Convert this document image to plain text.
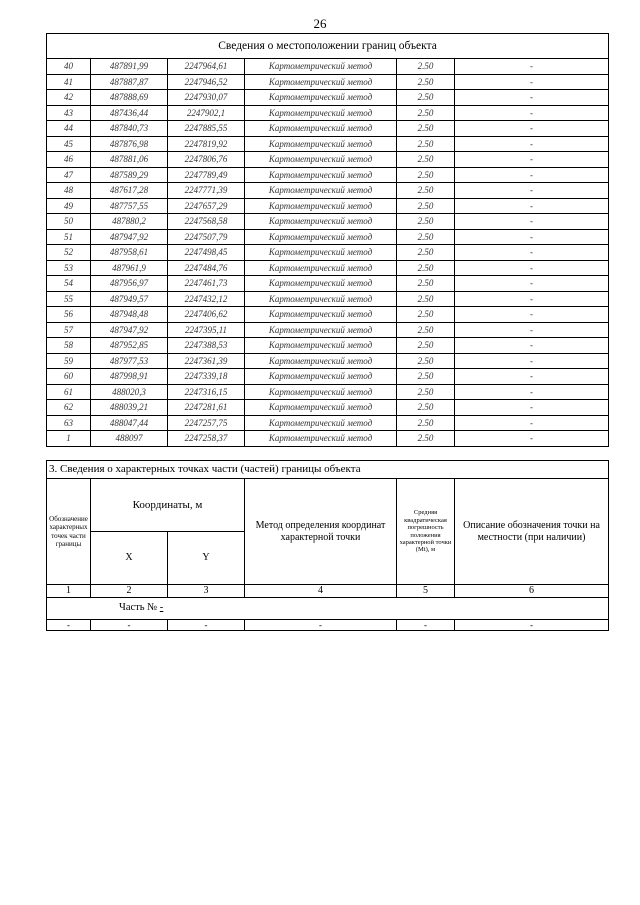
26
Сведения о местоположении границ объекта					
40	487891,99	2247964,61	Картометрический метод	2.50	-
41	487887,87	2247946,52	Картометрический метод	2.50	-
42	487888,69	2247930,07	Картометрический метод	2.50	-
43	487436,44	2247902,1	Картометрический метод	2.50	-
44	487840,73	2247885,55	Картометрический метод	2.50	-
45	487876,98	2247819,92	Картометрический метод	2.50	-
46	487881,06	2247806,76	Картометрический метод	2.50	-
47	487589,29	2247789,49	Картометрический метод	2.50	-
48	487617,28	2247771,39	Картометрический метод	2.50	-
49	487757,55	2247657,29	Картометрический метод	2.50	-
50	487880,2	2247568,58	Картометрический метод	2.50	-
51	487947,92	2247507,79	Картометрический метод	2.50	-
52	487958,61	2247498,45	Картометрический метод	2.50	-
53	487961,9	2247484,76	Картометрический метод	2.50	-
54	487956,97	2247461,73	Картометрический метод	2.50	-
55	487949,57	2247432,12	Картометрический метод	2.50	-
56	487948,48	2247406,62	Картометрический метод	2.50	-
57	487947,92	2247395,11	Картометрический метод	2.50	-
58	487952,85	2247388,53	Картометрический метод	2.50	-
59	487977,53	2247361,39	Картометрический метод	2.50	-
60	487998,91	2247339,18	Картометрический метод	2.50	-
61	488020,3	2247316,15	Картометрический метод	2.50	-
62	488039,21	2247281,61	Картометрический метод	2.50	-
63	488047,44	2247257,75	Картометрический метод	2.50	-
1	488097	2247258,37	Картометрический метод	2.50	-
3. Сведения о характерных точках части (частей) границы объекта					
Обозначение характерных точек части границы	Координаты, м		Метод определения координат характерной точки	Средняя квадратическая погрешность положения характерной точки (Мt), м	Описание обозначения точки на местности (при наличии)
	X	Y			
1	2	3	4	5	6
Часть № -					
-	-	-	-	-	-
